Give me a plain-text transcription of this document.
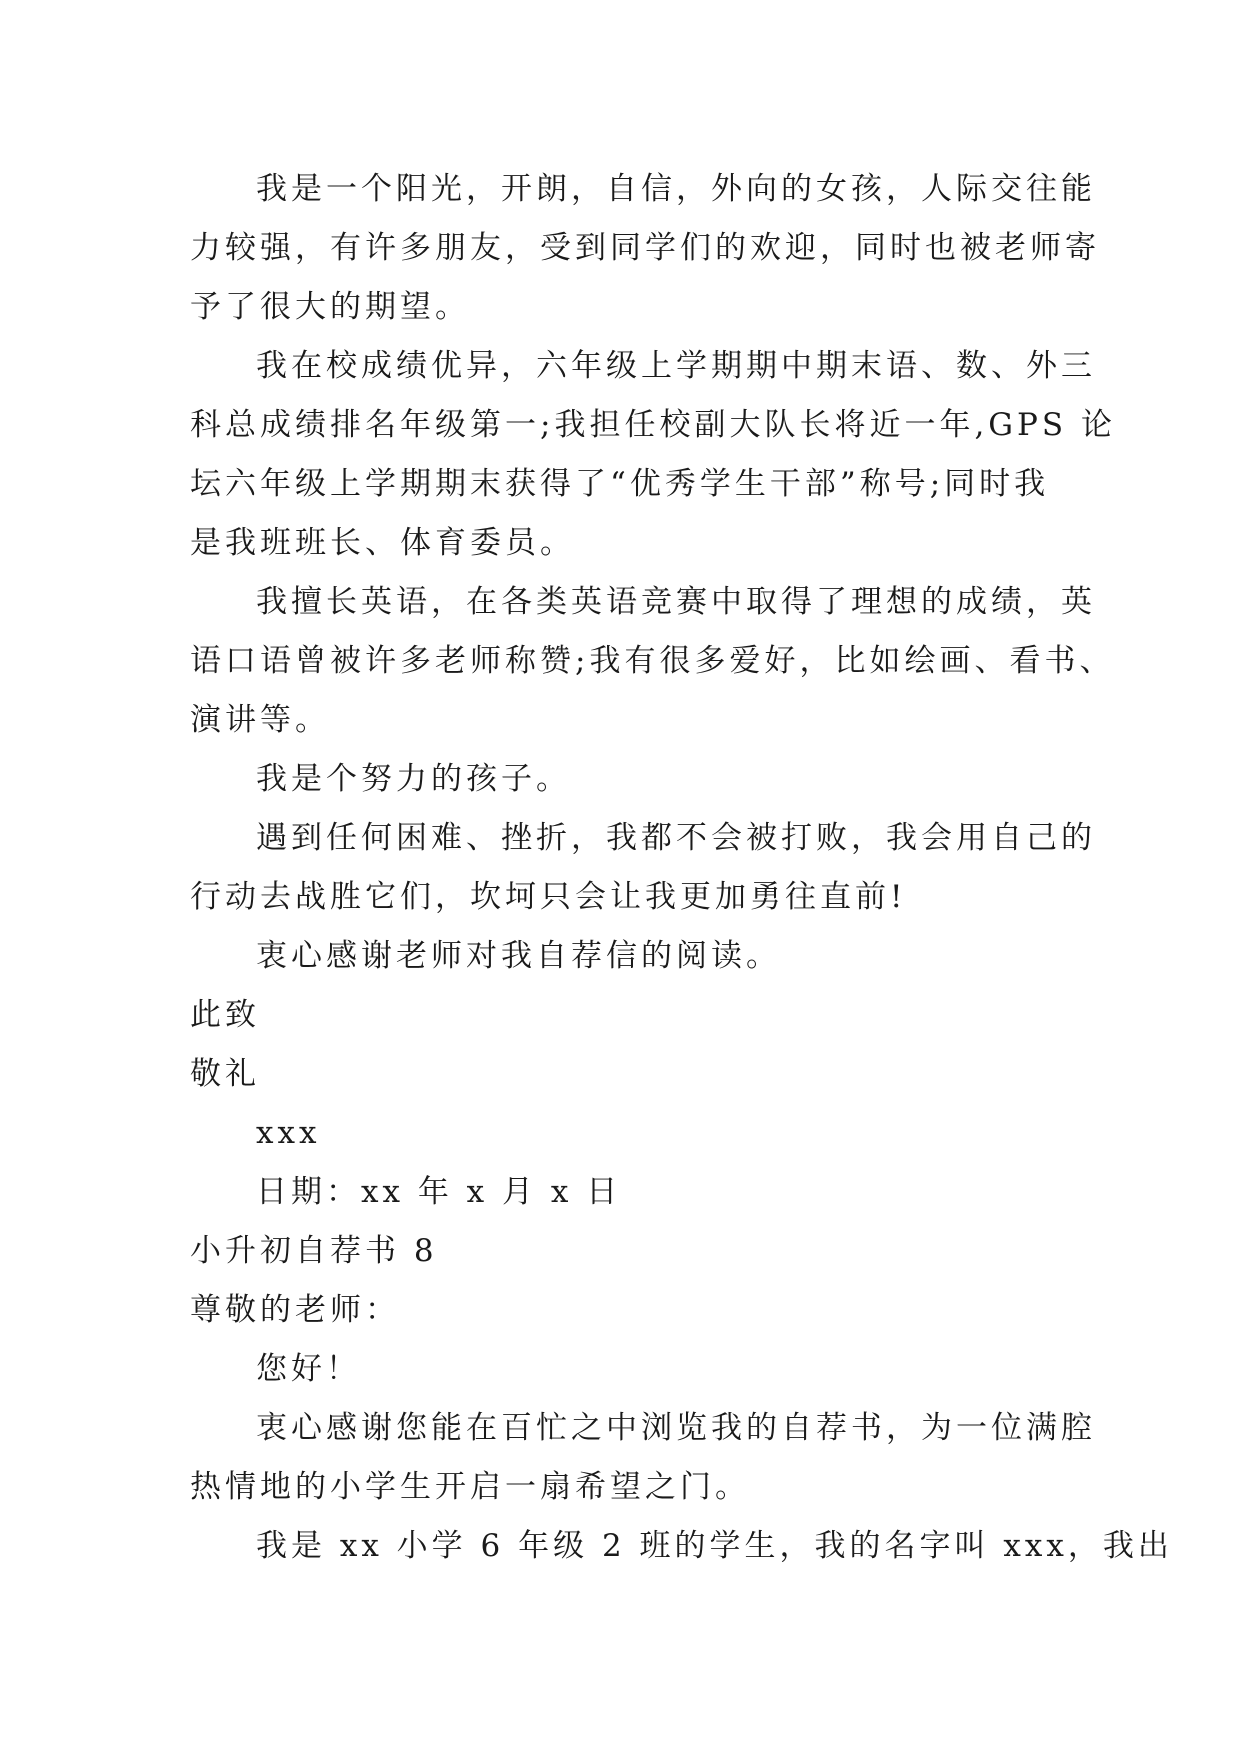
我是一个阳光，开朗，自信，外向的女孩，人际交往能
力较强，有许多朋友，受到同学们的欢迎，同时也被老师寄
予了很大的期望。
我在校成绩优异，六年级上学期期中期末语、数、外三
科总成绩排名年级第一;我担任校副大队长将近一年,GPS 论
坛六年级上学期期末获得了“优秀学生干部”称号;同时我
是我班班长、体育委员。
我擅长英语，在各类英语竞赛中取得了理想的成绩，英
语口语曾被许多老师称赞;我有很多爱好，比如绘画、看书、
演讲等。
我是个努力的孩子。
遇到任何困难、挫折，我都不会被打败，我会用自己的
行动去战胜它们，坎坷只会让我更加勇往直前!
衷心感谢老师对我自荐信的阅读。
此致
敬礼
xxx
日期：xx 年 x 月 x 日
小升初自荐书 8
尊敬的老师：
您好！
衷心感谢您能在百忙之中浏览我的自荐书，为一位满腔
热情地的小学生开启一扇希望之门。
我是 xx 小学 6 年级 2 班的学生，我的名字叫 xxx，我出
